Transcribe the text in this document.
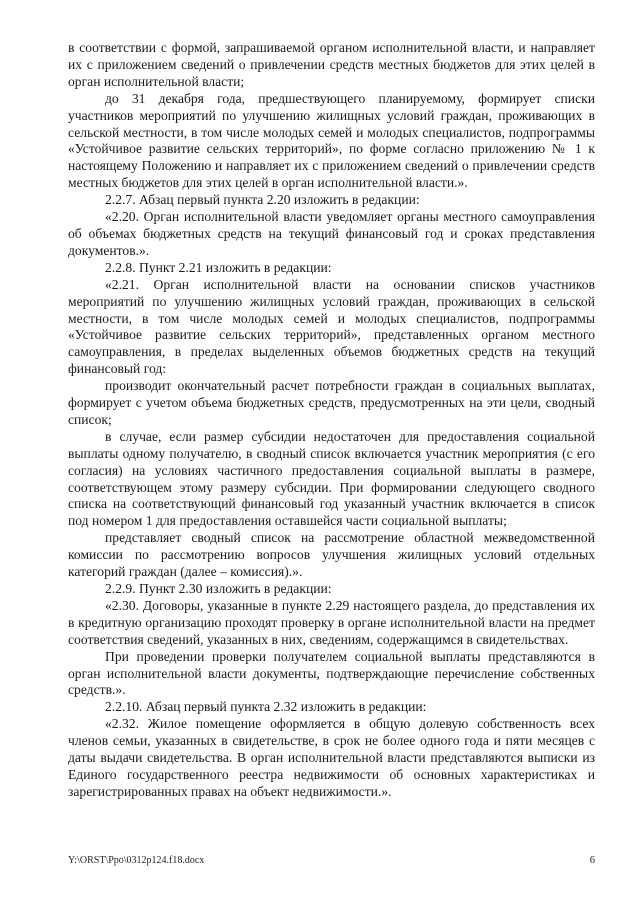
в соответствии с формой, запрашиваемой органом исполнительной власти, и направляет их с приложением сведений о привлечении средств местных бюджетов для этих целей в орган исполнительной власти;

до 31 декабря года, предшествующего планируемому, формирует списки участников мероприятий по улучшению жилищных условий граждан, проживающих в сельской местности, в том числе молодых семей и молодых специалистов, подпрограммы «Устойчивое развитие сельских территорий», по форме согласно приложению № 1 к настоящему Положению и направляет их с приложением сведений о привлечении средств местных бюджетов для этих целей в орган исполнительной власти.».

2.2.7. Абзац первый пункта 2.20 изложить в редакции:

«2.20. Орган исполнительной власти уведомляет органы местного самоуправления об объемах бюджетных средств на текущий финансовый год и сроках представления документов.».

2.2.8. Пункт 2.21 изложить в редакции:

«2.21. Орган исполнительной власти на основании списков участников мероприятий по улучшению жилищных условий граждан, проживающих в сельской местности, в том числе молодых семей и молодых специалистов, подпрограммы «Устойчивое развитие сельских территорий», представленных органом местного самоуправления, в пределах выделенных объемов бюджетных средств на текущий финансовый год:

производит окончательный расчет потребности граждан в социальных выплатах, формирует с учетом объема бюджетных средств, предусмотренных на эти цели, сводный список;

в случае, если размер субсидии недостаточен для предоставления социальной выплаты одному получателю, в сводный список включается участник мероприятия (с его согласия) на условиях частичного предоставления социальной выплаты в размере, соответствующем этому размеру субсидии. При формировании следующего сводного списка на соответствующий финансовый год указанный участник включается в список под номером 1 для предоставления оставшейся части социальной выплаты;

представляет сводный список на рассмотрение областной межведомственной комиссии по рассмотрению вопросов улучшения жилищных условий отдельных категорий граждан (далее – комиссия).».

2.2.9. Пункт 2.30 изложить в редакции:

«2.30. Договоры, указанные в пункте 2.29 настоящего раздела, до представления их в кредитную организацию проходят проверку в органе исполнительной власти на предмет соответствия сведений, указанных в них, сведениям, содержащимся в свидетельствах.

При проведении проверки получателем социальной выплаты представляются в орган исполнительной власти документы, подтверждающие перечисление собственных средств.».

2.2.10. Абзац первый пункта 2.32 изложить в редакции:

«2.32. Жилое помещение оформляется в общую долевую собственность всех членов семьи, указанных в свидетельстве, в срок не более одного года и пяти месяцев с даты выдачи свидетельства. В орган исполнительной власти представляются выписки из Единого государственного реестра недвижимости об основных характеристиках и зарегистрированных правах на объект недвижимости.».

Y:\ORST\Ppo\0312p124.f18.docx	6
